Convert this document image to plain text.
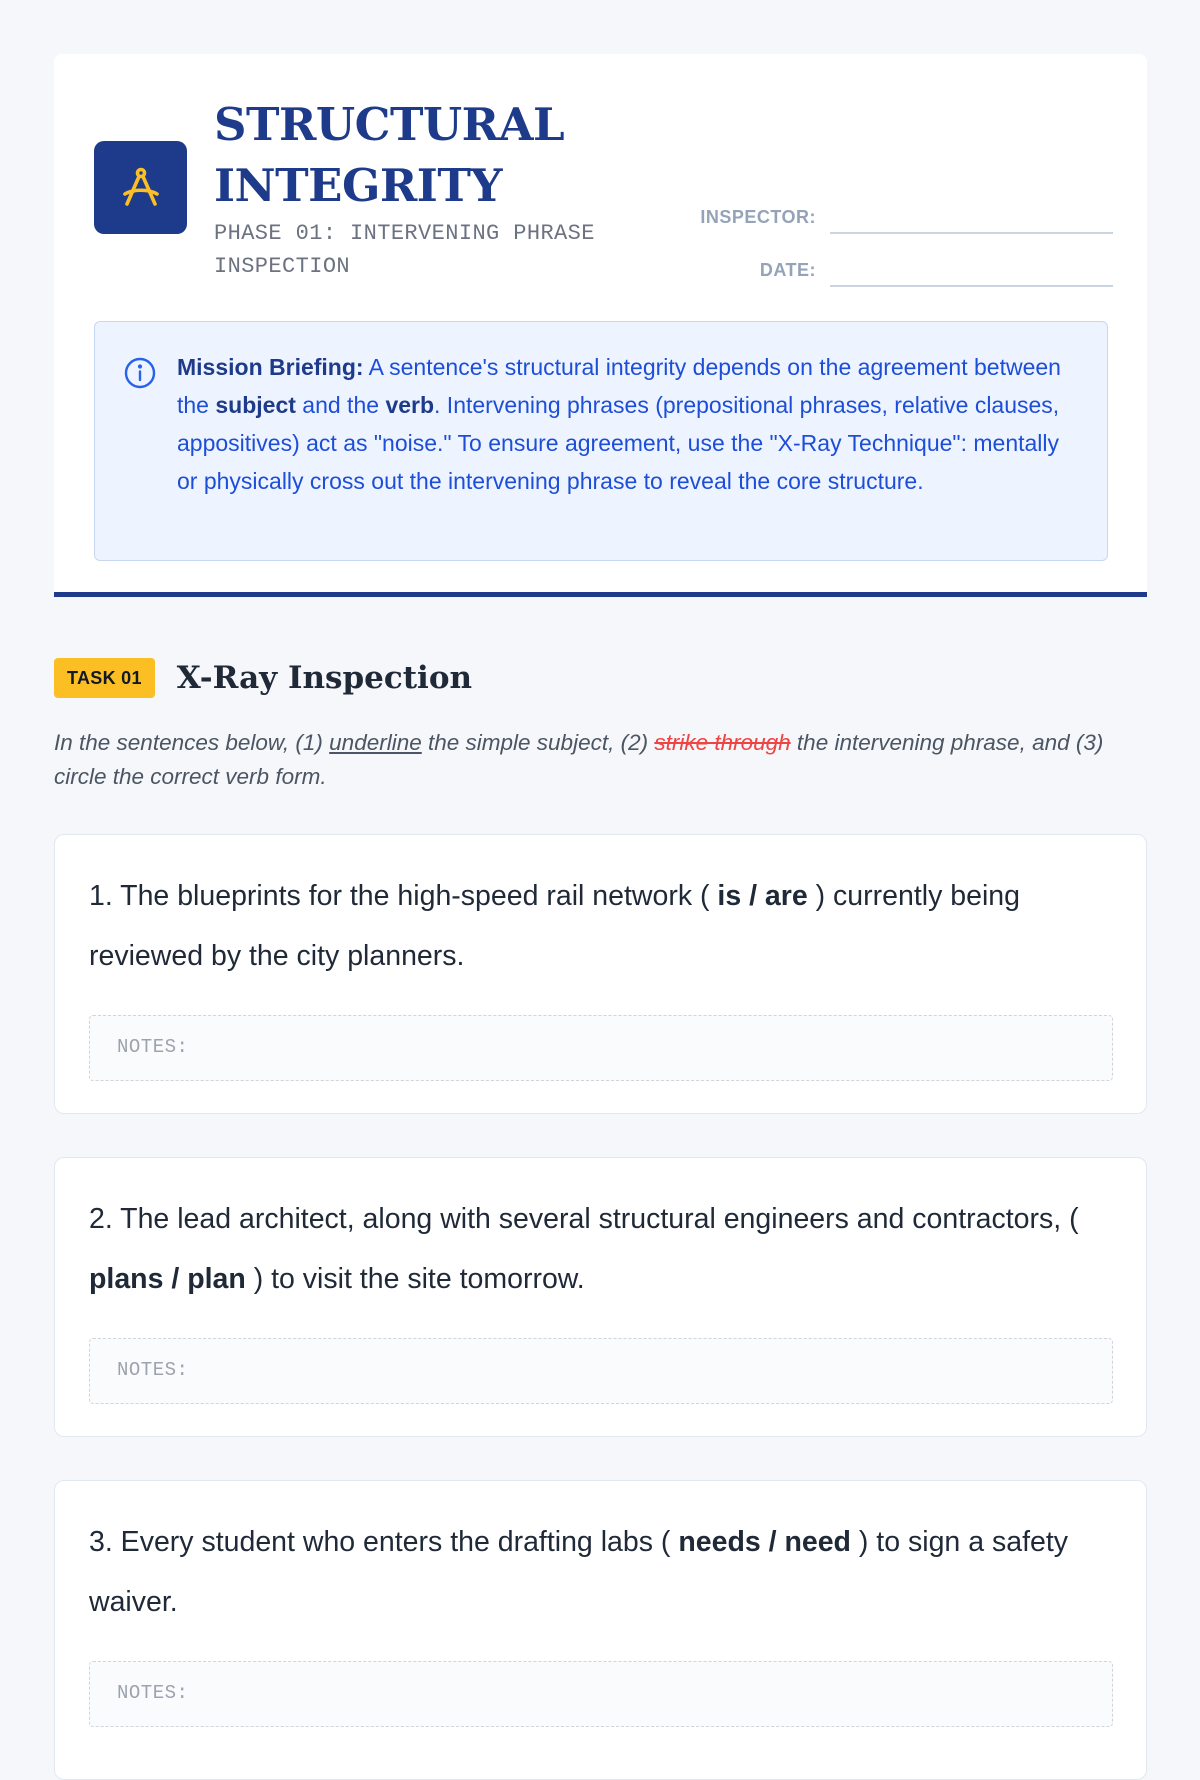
STRUCTURAL INTEGRITY
PHASE 01: INTERVENING PHRASE INSPECTION
INSPECTOR:
DATE:
Mission Briefing: A sentence's structural integrity depends on the agreement between the subject and the verb. Intervening phrases (prepositional phrases, relative clauses, appositives) act as "noise." To ensure agreement, use the "X-Ray Technique": mentally or physically cross out the intervening phrase to reveal the core structure.
TASK 01	X-Ray Inspection
In the sentences below, (1) underline the simple subject, (2) strike through the intervening phrase, and (3) circle the correct verb form.
1. The blueprints for the high-speed rail network ( is / are ) currently being reviewed by the city planners.
NOTES:
2. The lead architect, along with several structural engineers and contractors, ( plans / plan ) to visit the site tomorrow.
NOTES:
3. Every student who enters the drafting labs ( needs / need ) to sign a safety waiver.
NOTES:
